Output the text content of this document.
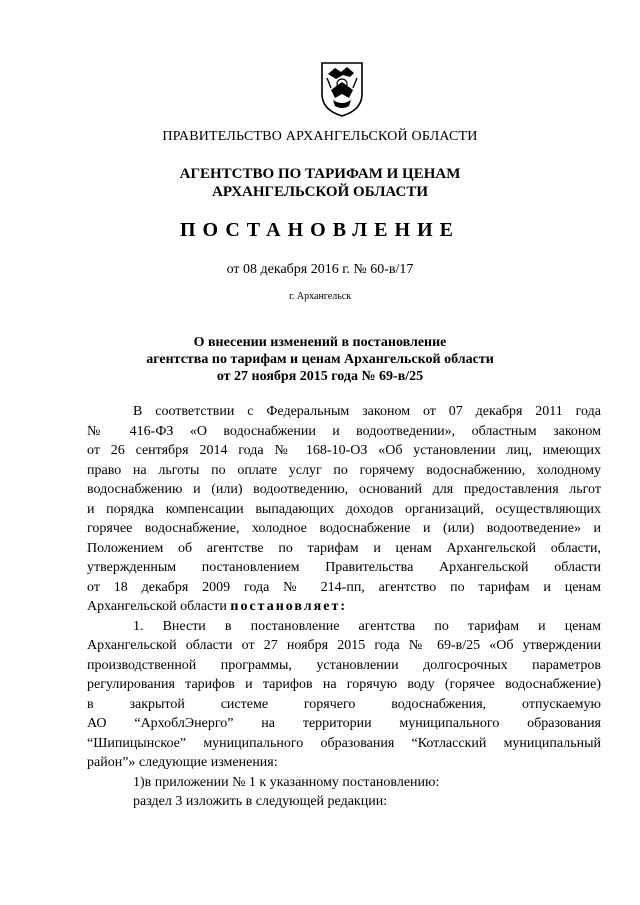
ПРАВИТЕЛЬСТВО АРХАНГЕЛЬСКОЙ ОБЛАСТИ
АГЕНТСТВО ПО ТАРИФАМ И ЦЕНАМ
АРХАНГЕЛЬСКОЙ ОБЛАСТИ
ПОСТАНОВЛЕНИЕ
от 08 декабря 2016 г. № 60-в/17
г. Архангельск
О внесении изменений в постановление
агентства по тарифам и ценам Архангельской области
от 27 ноября 2015 года № 69-в/25
В соответствии с Федеральным законом от 07 декабря 2011 года
№ 416-ФЗ «О водоснабжении и водоотведении», областным законом
от 26 сентября 2014 года № 168-10-ОЗ «Об установлении лиц, имеющих
право на льготы по оплате услуг по горячему водоснабжению, холодному
водоснабжению и (или) водоотведению, оснований для предоставления льгот
и порядка компенсации выпадающих доходов организаций, осуществляющих
горячее водоснабжение, холодное водоснабжение и (или) водоотведение» и
Положением об агентстве по тарифам и ценам Архангельской области,
утвержденным постановлением Правительства Архангельской области
от 18 декабря 2009 года № 214-пп, агентство по тарифам и ценам
Архангельской области постановляет:
1. Внести в постановление агентства по тарифам и ценам
Архангельской области от 27 ноября 2015 года № 69-в/25 «Об утверждении
производственной программы, установлении долгосрочных параметров
регулирования тарифов и тарифов на горячую воду (горячее водоснабжение)
в закрытой системе горячего водоснабжения, отпускаемую
АО “АрхоблЭнерго” на территории муниципального образования
“Шипицынское” муниципального образования “Котласский муниципальный
район”» следующие изменения:
1)в приложении № 1 к указанному постановлению:
раздел 3 изложить в следующей редакции:
